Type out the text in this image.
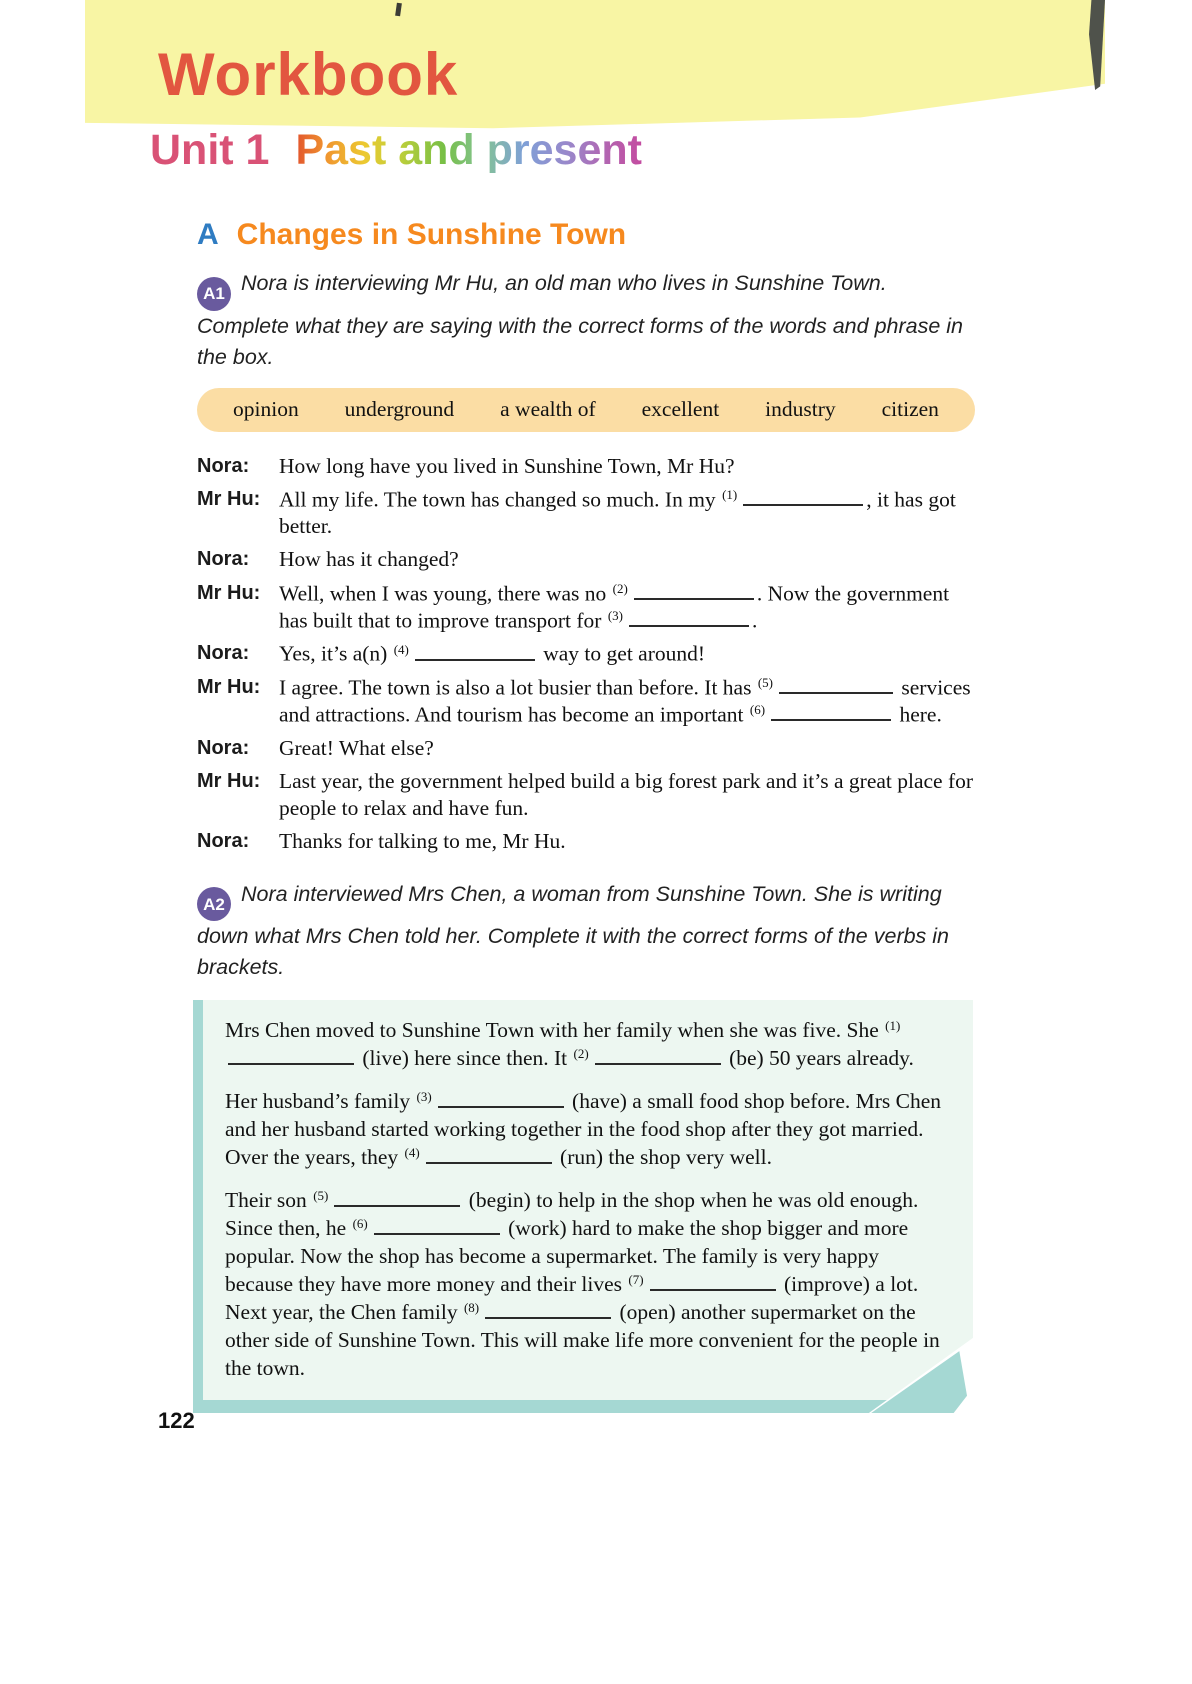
Workbook
Unit 1 Past and present
A Changes in Sunshine Town
A1 Nora is interviewing Mr Hu, an old man who lives in Sunshine Town. Complete what they are saying with the correct forms of the words and phrase in the box.
opinion underground a wealth of excellent industry citizen
Nora:	How long have you lived in Sunshine Town, Mr Hu?
Mr Hu: All my life. The town has changed so much. In my $^{(1)}$	, it has got better.
Nora:	How has it changed?
Mr Hu: Well, when I was young, there was no $^{(2)}$	. Now the government has built that to improve transport for $^{(3)}$	.
Nora:	Yes, it’s a(n) $^{(4)}$	way to get around!
Mr Hu: I agree. The town is also a lot busier than before. It has $^{(5)}$	services and attractions. And tourism has become an important $^{(6)}$	here.
Nora:	Great! What else?
Mr Hu: Last year, the government helped build a big forest park and it’s a great place for people to relax and have fun.
Nora:	Thanks for talking to me, Mr Hu.
A2 Nora interviewed Mrs Chen, a woman from Sunshine Town. She is writing down what Mrs Chen told her. Complete it with the correct forms of the verbs in brackets.

Mrs Chen moved to Sunshine Town with her family when she was five. She $^{(1)}$ (live) here since then. It $^{(2)}$	(be) 50 years already.

Her husband’s family $^{(3)}$	(have) a small food shop before. Mrs Chen and her husband started working together in the food shop after they got married. Over the years, they $^{(4)}$	(run) the shop very well.

Their son $^{(5)}$	(begin) to help in the shop when he was old enough. Since then, he $^{(6)}$	(work) hard to make the shop bigger and more popular. Now the shop has become a supermarket. The family is very happy because they have more money and their lives $^{(7)}$	(improve) a lot. Next year, the Chen family $^{(8)}$	(open) another supermarket on the other side of Sunshine Town. This will make life more convenient for the people in the town.

122
